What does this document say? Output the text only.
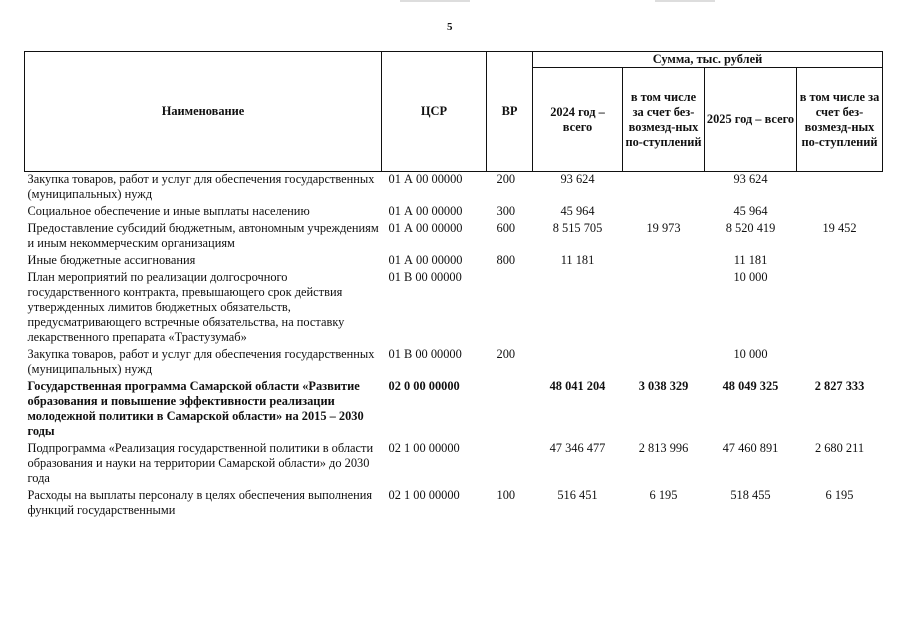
5
Наименование	ЦСР	ВР	Сумма, тыс. рублей			
			2024 год – всего	в том числе за счет без-возмезд-ных по-ступлений	2025 год – всего	в том числе за счет без-возмезд-ных по-ступлений
Закупка товаров, работ и услуг для обеспечения государственных (муниципальных) нужд	01 А 00 00000	200	93 624		93 624	
Социальное обеспечение и иные выплаты населению	01 А 00 00000	300	45 964		45 964	
Предоставление субсидий бюджетным, автономным учреждениям и иным некоммерческим организациям	01 А 00 00000	600	8 515 705	19 973	8 520 419	19 452
Иные бюджетные ассигнования	01 А 00 00000	800	11 181		11 181	
План мероприятий по реализации долгосрочного государственного контракта, превышающего срок действия утвержденных лимитов бюджетных обязательств, предусматривающего встречные обязательства, на поставку лекарственного препарата «Трастузумаб»	01 В 00 00000				10 000	
Закупка товаров, работ и услуг для обеспечения государственных (муниципальных) нужд	01 В 00 00000	200			10 000	
Государственная программа Самарской области «Развитие образования и повышение эффективности реализации молодежной политики в Самарской области» на 2015 – 2030 годы	02 0 00 00000		48 041 204	3 038 329	48 049 325	2 827 333
Подпрограмма «Реализация государственной политики в области образования и науки на территории Самарской области» до 2030 года	02 1 00 00000		47 346 477	2 813 996	47 460 891	2 680 211
Расходы на выплаты персоналу в целях обеспечения выполнения функций государственными	02 1 00 00000	100	516 451	6 195	518 455	6 195
